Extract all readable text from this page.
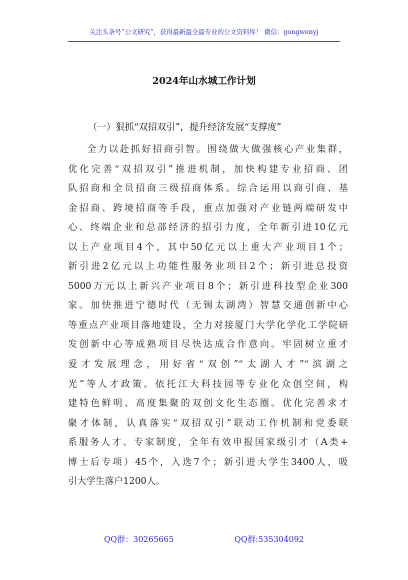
关注头条号“公文研究”，获得最新最全最专业的公文资料库！ 微信：gongwenyj
2024年山水城工作计划
（一）狠抓“双招双引”，提升经济发展“支撑度”
全力以赴抓好招商引智。围绕做大做强核心产业集群，
优化完善“双招双引”推进机制，加快构建专业招商、团
队招商和全员招商三级招商体系。综合运用以商引商、基
金招商、跨境招商等手段，重点加强对产业链两端研发中
心、终端企业和总部经济的招引力度，全年新引进10亿元
以上产业项目4个，其中50亿元以上重大产业项目1个；
新引进2亿元以上功能性服务业项目2个；新引进总投资
5000万元以上新兴产业项目8个；新引进科技型企业300
家。加快推进宁德时代（无锡太湖湾）智慧交通创新中心
等重点产业项目落地建设，全力对接厦门大学化学化工学院研
发创新中心等成熟项目尽快达成合作意向。牢固树立重才
爱才发展理念，用好省“双创”“太湖人才”“滨湖之
光”等人才政策。依托江大科技园等专业化众创空间，构
建特色鲜明、高度集聚的双创文化生态圈。优化完善求才
聚才体制，认真落实“双招双引”联动工作机制和党委联
系服务人才、专家制度，全年有效申报国家级引才（A类+
博士后专项）45个，入选7个；新引进大学生3400人，吸
引大学生落户1200人。
QQ群：30265665	QQ群:535304092
